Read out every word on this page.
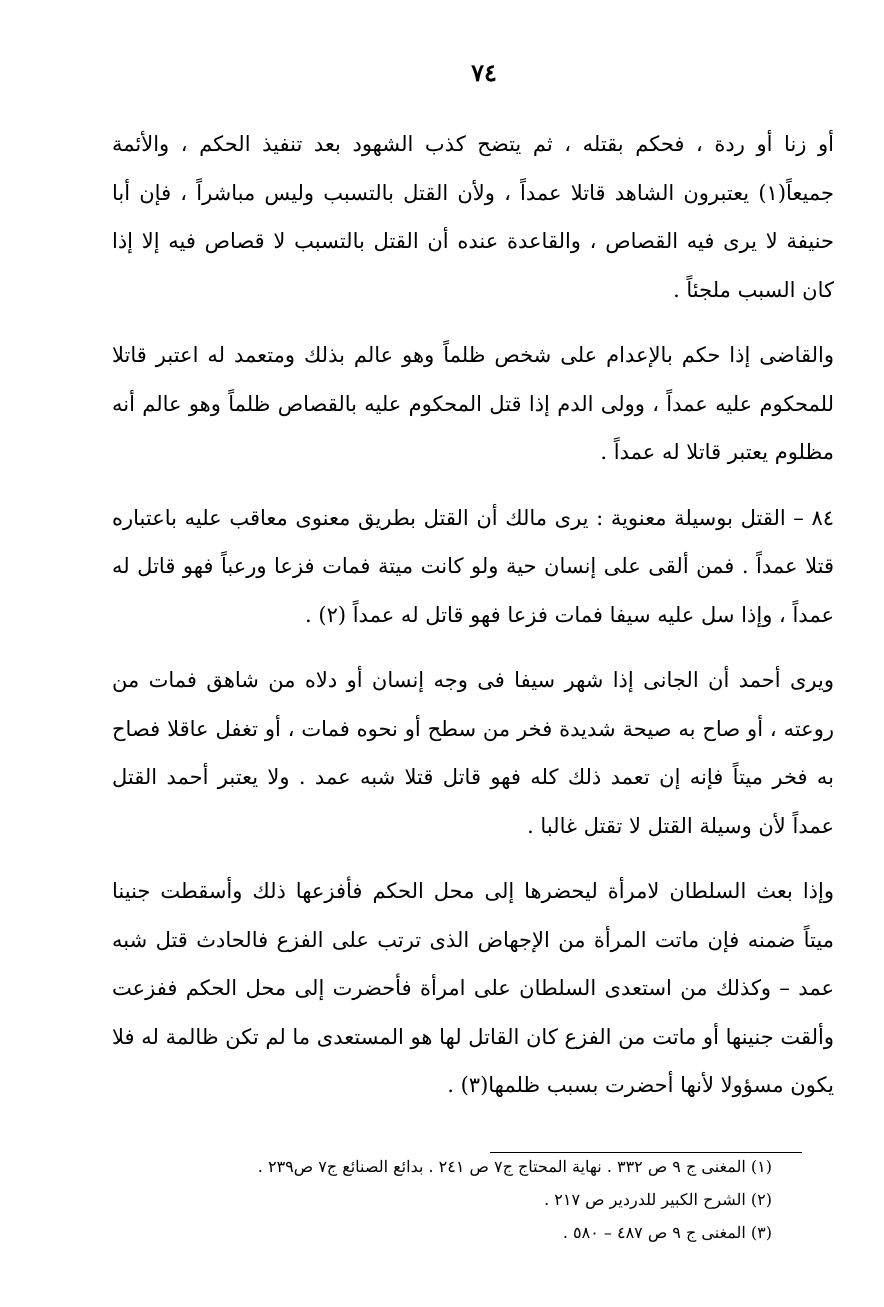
٧٤

أو زنا أو ردة ، فحكم بقتله ، ثم يتضح كذب الشهود بعد تنفيذ الحكم ، والأئمة جميعاً(١) يعتبرون الشاهد قاتلا عمداً ، ولأن القتل بالتسبب وليس مباشراً ، فإن أبا حنيفة لا يرى فيه القصاص ، والقاعدة عنده أن القتل بالتسبب لا قصاص فيه إلا إذا كان السبب ملجئاً .

والقاضى إذا حكم بالإعدام على شخص ظلماً وهو عالم بذلك ومتعمد له اعتبر قاتلا للمحكوم عليه عمداً ، وولى الدم إذا قتل المحكوم عليه بالقصاص ظلماً وهو عالم أنه مظلوم يعتبر قاتلا له عمداً .

٨٤ – القتل بوسيلة معنوية : يرى مالك أن القتل بطريق معنوى معاقب عليه باعتباره قتلا عمداً . فمن ألقى على إنسان حية ولو كانت ميتة فمات فزعا ورعباً فهو قاتل له عمداً ، وإذا سل عليه سيفا فمات فزعا فهو قاتل له عمداً (٢) .

ويرى أحمد أن الجانى إذا شهر سيفا فى وجه إنسان أو دلاه من شاهق فمات من روعته ، أو صاح به صيحة شديدة فخر من سطح أو نحوه فمات ، أو تغفل عاقلا فصاح به فخر ميتاً فإنه إن تعمد ذلك كله فهو قاتل قتلا شبه عمد . ولا يعتبر أحمد القتل عمداً لأن وسيلة القتل لا تقتل غالبا .

وإذا بعث السلطان لامرأة ليحضرها إلى محل الحكم فأفزعها ذلك وأسقطت جنينا ميتاً ضمنه فإن ماتت المرأة من الإجهاض الذى ترتب على الفزع فالحادث قتل شبه عمد – وكذلك من استعدى السلطان على امرأة فأحضرت إلى محل الحكم ففزعت وألقت جنينها أو ماتت من الفزع كان القاتل لها هو المستعدى ما لم تكن ظالمة له فلا يكون مسؤولا لأنها أحضرت بسبب ظلمها(٣) .

(١) المغنى ج ٩ ص ٣٣٢ . نهاية المحتاج ج٧ ص ٢٤١ . بدائع الصنائع ج٧ ص٢٣٩ .

(٢) الشرح الكبير للدردير ص ٢١٧ .

(٣) المغنى ج ٩ ص ٤٨٧ – ٥٨٠ .
